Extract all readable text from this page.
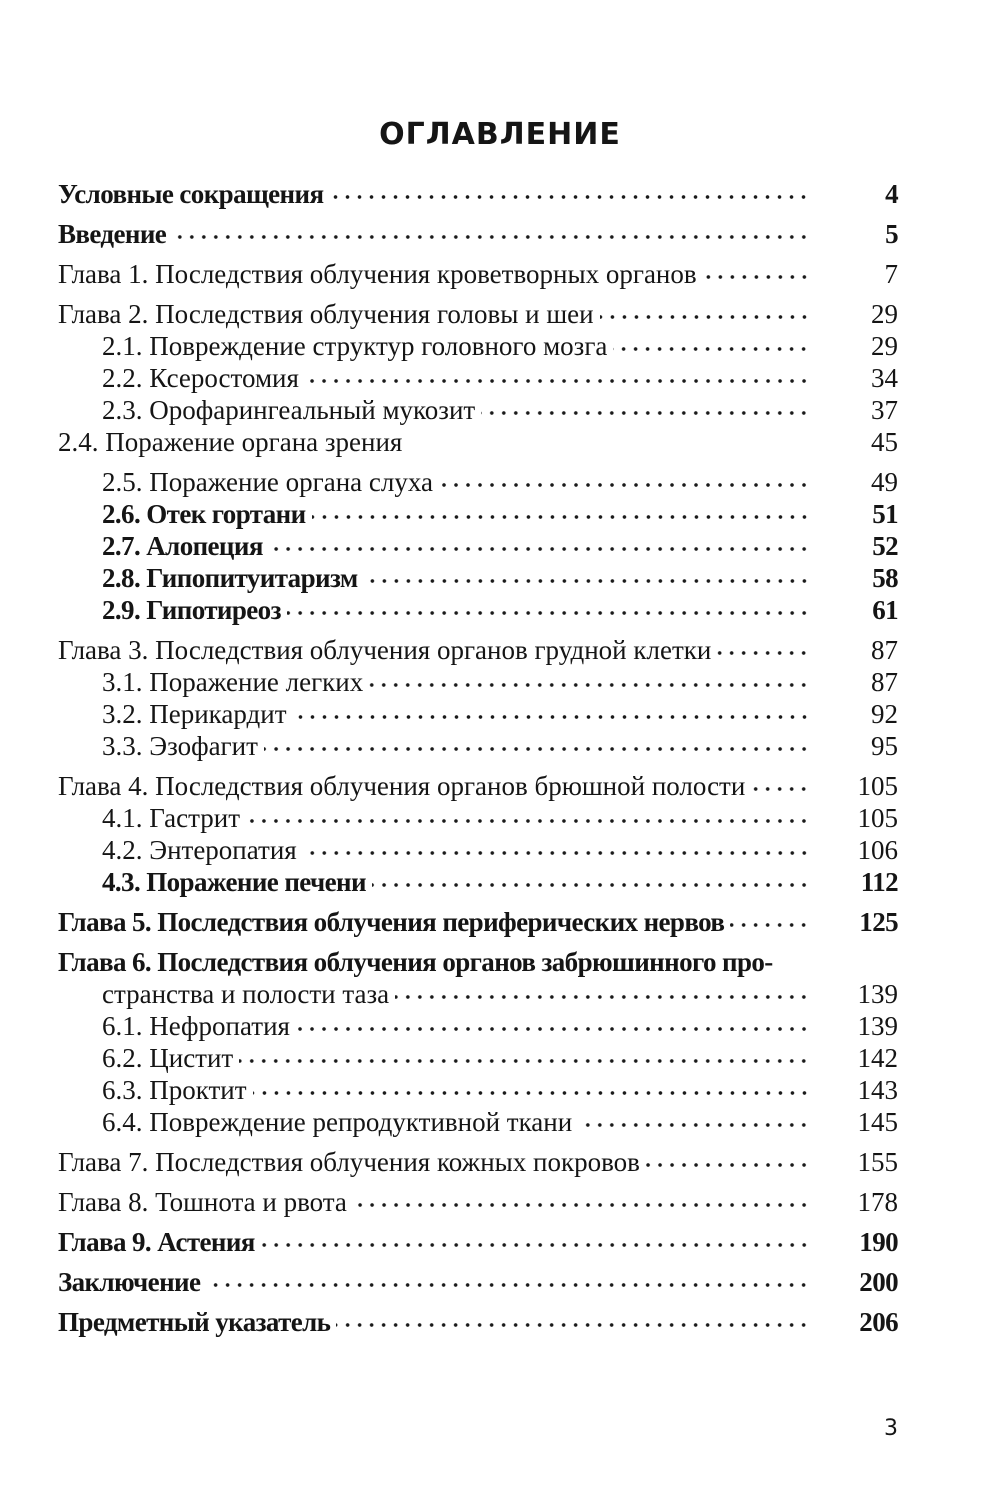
ОГЛАВЛЕНИЕ
Условные сокращения	4
Введение	5
Глава 1. Последствия облучения кроветворных органов	7
Глава 2. Последствия облучения головы и шеи	29
2.1. Повреждение структур головного мозга	29
2.2. Ксеростомия	34
2.3. Орофарингеальный мукозит	37
2.4. Поражение органа зрения	45
2.5. Поражение органа слуха	49
2.6. Отек гортани	51
2.7. Алопеция	52
2.8. Гипопитуитаризм	58
2.9. Гипотиреоз	61
Глава 3. Последствия облучения органов грудной клетки	87
3.1. Поражение легких	87
3.2. Перикардит	92
3.3. Эзофагит	95
Глава 4. Последствия облучения органов брюшной полости	105
4.1. Гастрит	105
4.2. Энтеропатия	106
4.3. Поражение печени	112
Глава 5. Последствия облучения периферических нервов	125
Глава 6. Последствия облучения органов забрюшинного про-
странства и полости таза	139
6.1. Нефропатия	139
6.2. Цистит	142
6.3. Проктит	143
6.4. Повреждение репродуктивной ткани	145
Глава 7. Последствия облучения кожных покровов	155
Глава 8. Тошнота и рвота	178
Глава 9. Астения	190
Заключение	200
Предметный указатель	206
3
